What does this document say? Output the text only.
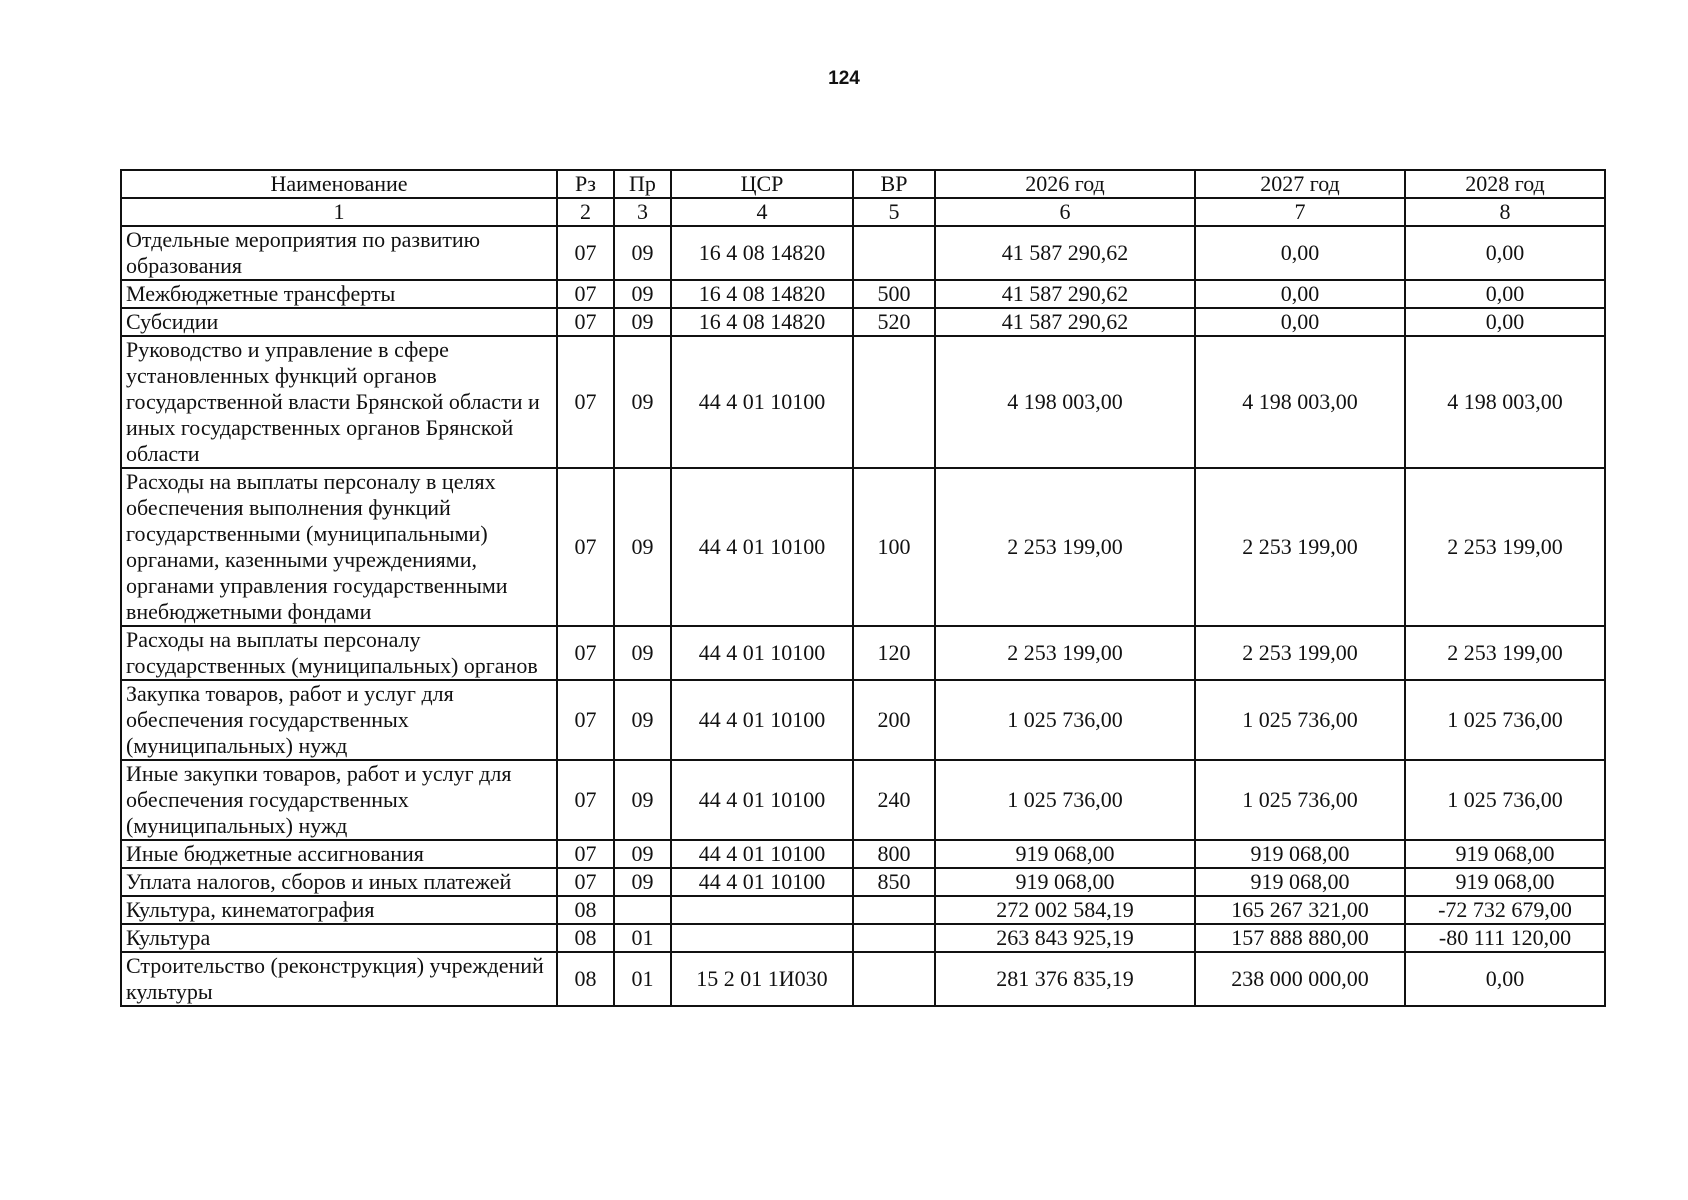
124
Наименование	Рз	Пр	ЦСР	ВР	2026 год	2027 год	2028 год
1	2	3	4	5	6	7	8
Отдельные мероприятия по развитию образования	07	09	16 4 08 14820		41 587 290,62	0,00	0,00
Межбюджетные трансферты	07	09	16 4 08 14820	500	41 587 290,62	0,00	0,00
Субсидии	07	09	16 4 08 14820	520	41 587 290,62	0,00	0,00
Руководство и управление в сфере установленных функций органов государственной власти Брянской области и иных государственных органов Брянской области	07	09	44 4 01 10100		4 198 003,00	4 198 003,00	4 198 003,00
Расходы на выплаты персоналу в целях обеспечения выполнения функций государственными (муниципальными) органами, казенными учреждениями, органами управления государственными внебюджетными фондами	07	09	44 4 01 10100	100	2 253 199,00	2 253 199,00	2 253 199,00
Расходы на выплаты персоналу государственных (муниципальных) органов	07	09	44 4 01 10100	120	2 253 199,00	2 253 199,00	2 253 199,00
Закупка товаров, работ и услуг для обеспечения государственных (муниципальных) нужд	07	09	44 4 01 10100	200	1 025 736,00	1 025 736,00	1 025 736,00
Иные закупки товаров, работ и услуг для обеспечения государственных (муниципальных) нужд	07	09	44 4 01 10100	240	1 025 736,00	1 025 736,00	1 025 736,00
Иные бюджетные ассигнования	07	09	44 4 01 10100	800	919 068,00	919 068,00	919 068,00
Уплата налогов, сборов и иных платежей	07	09	44 4 01 10100	850	919 068,00	919 068,00	919 068,00
Культура, кинематография	08				272 002 584,19	165 267 321,00	-72 732 679,00
Культура	08	01			263 843 925,19	157 888 880,00	-80 111 120,00
Строительство (реконструкция) учреждений культуры	08	01	15 2 01 1И030		281 376 835,19	238 000 000,00	0,00
